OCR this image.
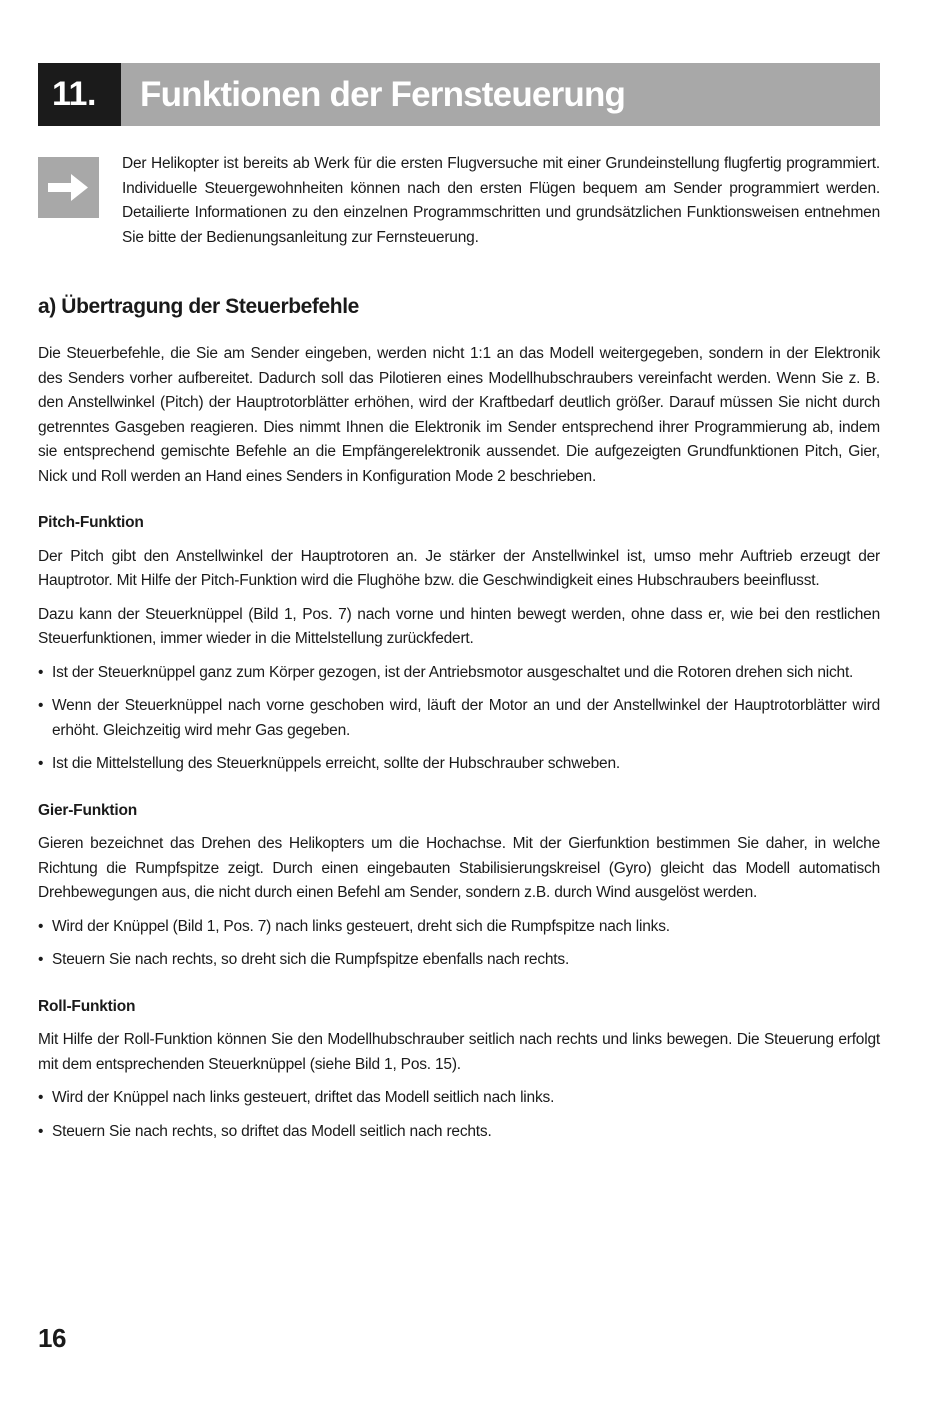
11.	Funktionen der Fernsteuerung
Der Helikopter ist bereits ab Werk für die ersten Flugversuche mit einer Grundeinstellung flugfertig programmiert. Individuelle Steuergewohnheiten können nach den ersten Flügen bequem am Sender programmiert werden. Detailierte Informationen zu den einzelnen Programmschritten und grundsätzlichen Funktionsweisen entnehmen Sie bitte der Bedienungsanleitung zur Fernsteuerung.
a) Übertragung der Steuerbefehle

Die Steuerbefehle, die Sie am Sender eingeben, werden nicht 1:1 an das Modell weitergegeben, sondern in der Elektronik des Senders vorher aufbereitet. Dadurch soll das Pilotieren eines Modellhubschraubers vereinfacht werden. Wenn Sie z. B. den Anstellwinkel (Pitch) der Hauptrotorblätter erhöhen, wird der Kraftbedarf deutlich größer. Darauf müssen Sie nicht durch getrenntes Gasgeben reagieren. Dies nimmt Ihnen die Elektronik im Sender entsprechend ihrer Programmierung ab, indem sie entsprechend gemischte Befehle an die Empfängerelektronik aussendet. Die aufgezeigten Grundfunktionen Pitch, Gier, Nick und Roll werden an Hand eines Senders in Konfiguration Mode 2 beschrieben.

Pitch-Funktion

Der Pitch gibt den Anstellwinkel der Hauptrotoren an. Je stärker der Anstellwinkel ist, umso mehr Auftrieb erzeugt der Hauptrotor. Mit Hilfe der Pitch-Funktion wird die Flughöhe bzw. die Geschwindigkeit eines Hubschraubers beeinflusst.

Dazu kann der Steuerknüppel (Bild 1, Pos. 7) nach vorne und hinten bewegt werden, ohne dass er, wie bei den restlichen Steuerfunktionen, immer wieder in die Mittelstellung zurückfedert.

• Ist der Steuerknüppel ganz zum Körper gezogen, ist der Antriebsmotor ausgeschaltet und die Rotoren drehen sich nicht.
• Wenn der Steuerknüppel nach vorne geschoben wird, läuft der Motor an und der Anstellwinkel der Hauptrotorblätter wird erhöht. Gleichzeitig wird mehr Gas gegeben.
• Ist die Mittelstellung des Steuerknüppels erreicht, sollte der Hubschrauber schweben.
Gier-Funktion

Gieren bezeichnet das Drehen des Helikopters um die Hochachse. Mit der Gierfunktion bestimmen Sie daher, in welche Richtung die Rumpfspitze zeigt. Durch einen eingebauten Stabilisierungskreisel (Gyro) gleicht das Modell automatisch Drehbewegungen aus, die nicht durch einen Befehl am Sender, sondern z.B. durch Wind ausgelöst werden.

• Wird der Knüppel (Bild 1, Pos. 7) nach links gesteuert, dreht sich die Rumpfspitze nach links.
• Steuern Sie nach rechts, so dreht sich die Rumpfspitze ebenfalls nach rechts.
Roll-Funktion

Mit Hilfe der Roll-Funktion können Sie den Modellhubschrauber seitlich nach rechts und links bewegen. Die Steuerung erfolgt mit dem entsprechenden Steuerknüppel (siehe Bild 1, Pos. 15).

• Wird der Knüppel nach links gesteuert, driftet das Modell seitlich nach links.
• Steuern Sie nach rechts, so driftet das Modell seitlich nach rechts.
16
